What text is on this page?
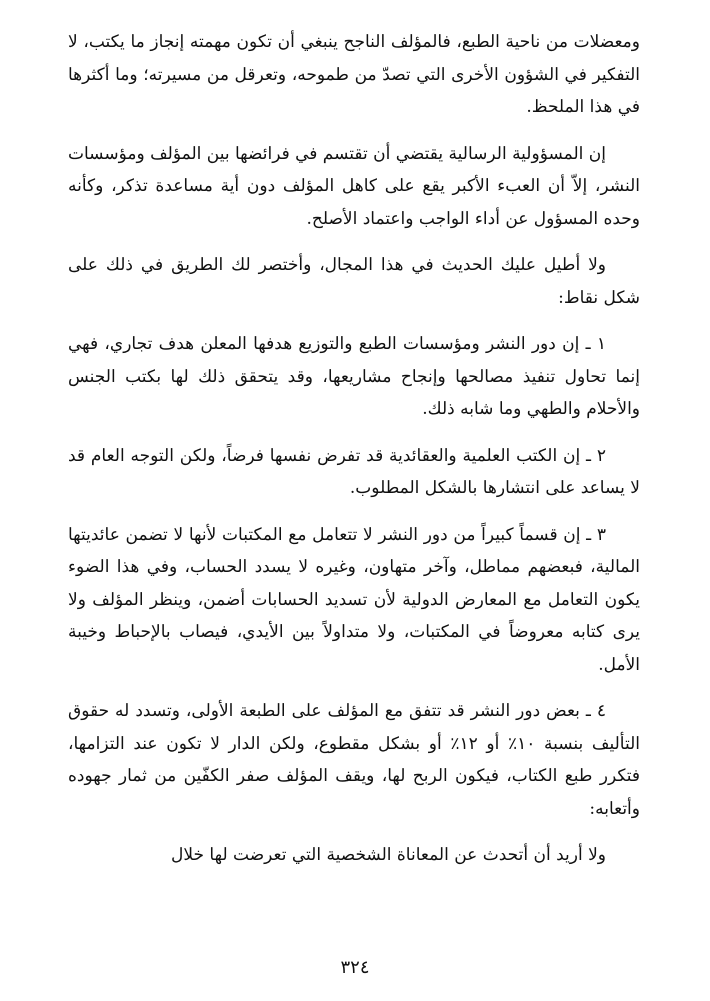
ومعضلات من ناحية الطبع، فالمؤلف الناجح ينبغي أن تكون مهمته إنجاز ما يكتب، لا التفكير في الشؤون الأخرى التي تصدّ من طموحه، وتعرقل من مسيرته؛ وما أكثرها في هذا الملحظ.

إن المسؤولية الرسالية يقتضي أن تقتسم في فرائضها بين المؤلف ومؤسسات النشر، إلاّ أن العبء الأكبر يقع على كاهل المؤلف دون أية مساعدة تذكر، وكأنه وحده المسؤول عن أداء الواجب واعتماد الأصلح.

ولا أطيل عليك الحديث في هذا المجال، وأختصر لك الطريق في ذلك على شكل نقاط:

١ ـ إن دور النشر ومؤسسات الطبع والتوزيع هدفها المعلن هدف تجاري، فهي إنما تحاول تنفيذ مصالحها وإنجاح مشاريعها، وقد يتحقق ذلك لها بكتب الجنس والأحلام والطهي وما شابه ذلك.

٢ ـ إن الكتب العلمية والعقائدية قد تفرض نفسها فرضاً، ولكن التوجه العام قد لا يساعد على انتشارها بالشكل المطلوب.

٣ ـ إن قسماً كبيراً من دور النشر لا تتعامل مع المكتبات لأنها لا تضمن عائديتها المالية، فبعضهم مماطل، وآخر متهاون، وغيره لا يسدد الحساب، وفي هذا الضوء يكون التعامل مع المعارض الدولية لأن تسديد الحسابات أضمن، وينظر المؤلف ولا يرى كتابه معروضاً في المكتبات، ولا متداولاً بين الأيدي، فيصاب بالإحباط وخيبة الأمل.

٤ ـ بعض دور النشر قد تتفق مع المؤلف على الطبعة الأولى، وتسدد له حقوق التأليف بنسبة ١٠٪ أو ١٢٪ أو بشكل مقطوع، ولكن الدار لا تكون عند التزامها، فتكرر طبع الكتاب، فيكون الربح لها، ويقف المؤلف صفر الكفّين من ثمار جهوده وأتعابه:

ولا أريد أن أتحدث عن المعاناة الشخصية التي تعرضت لها خلال

٣٢٤
